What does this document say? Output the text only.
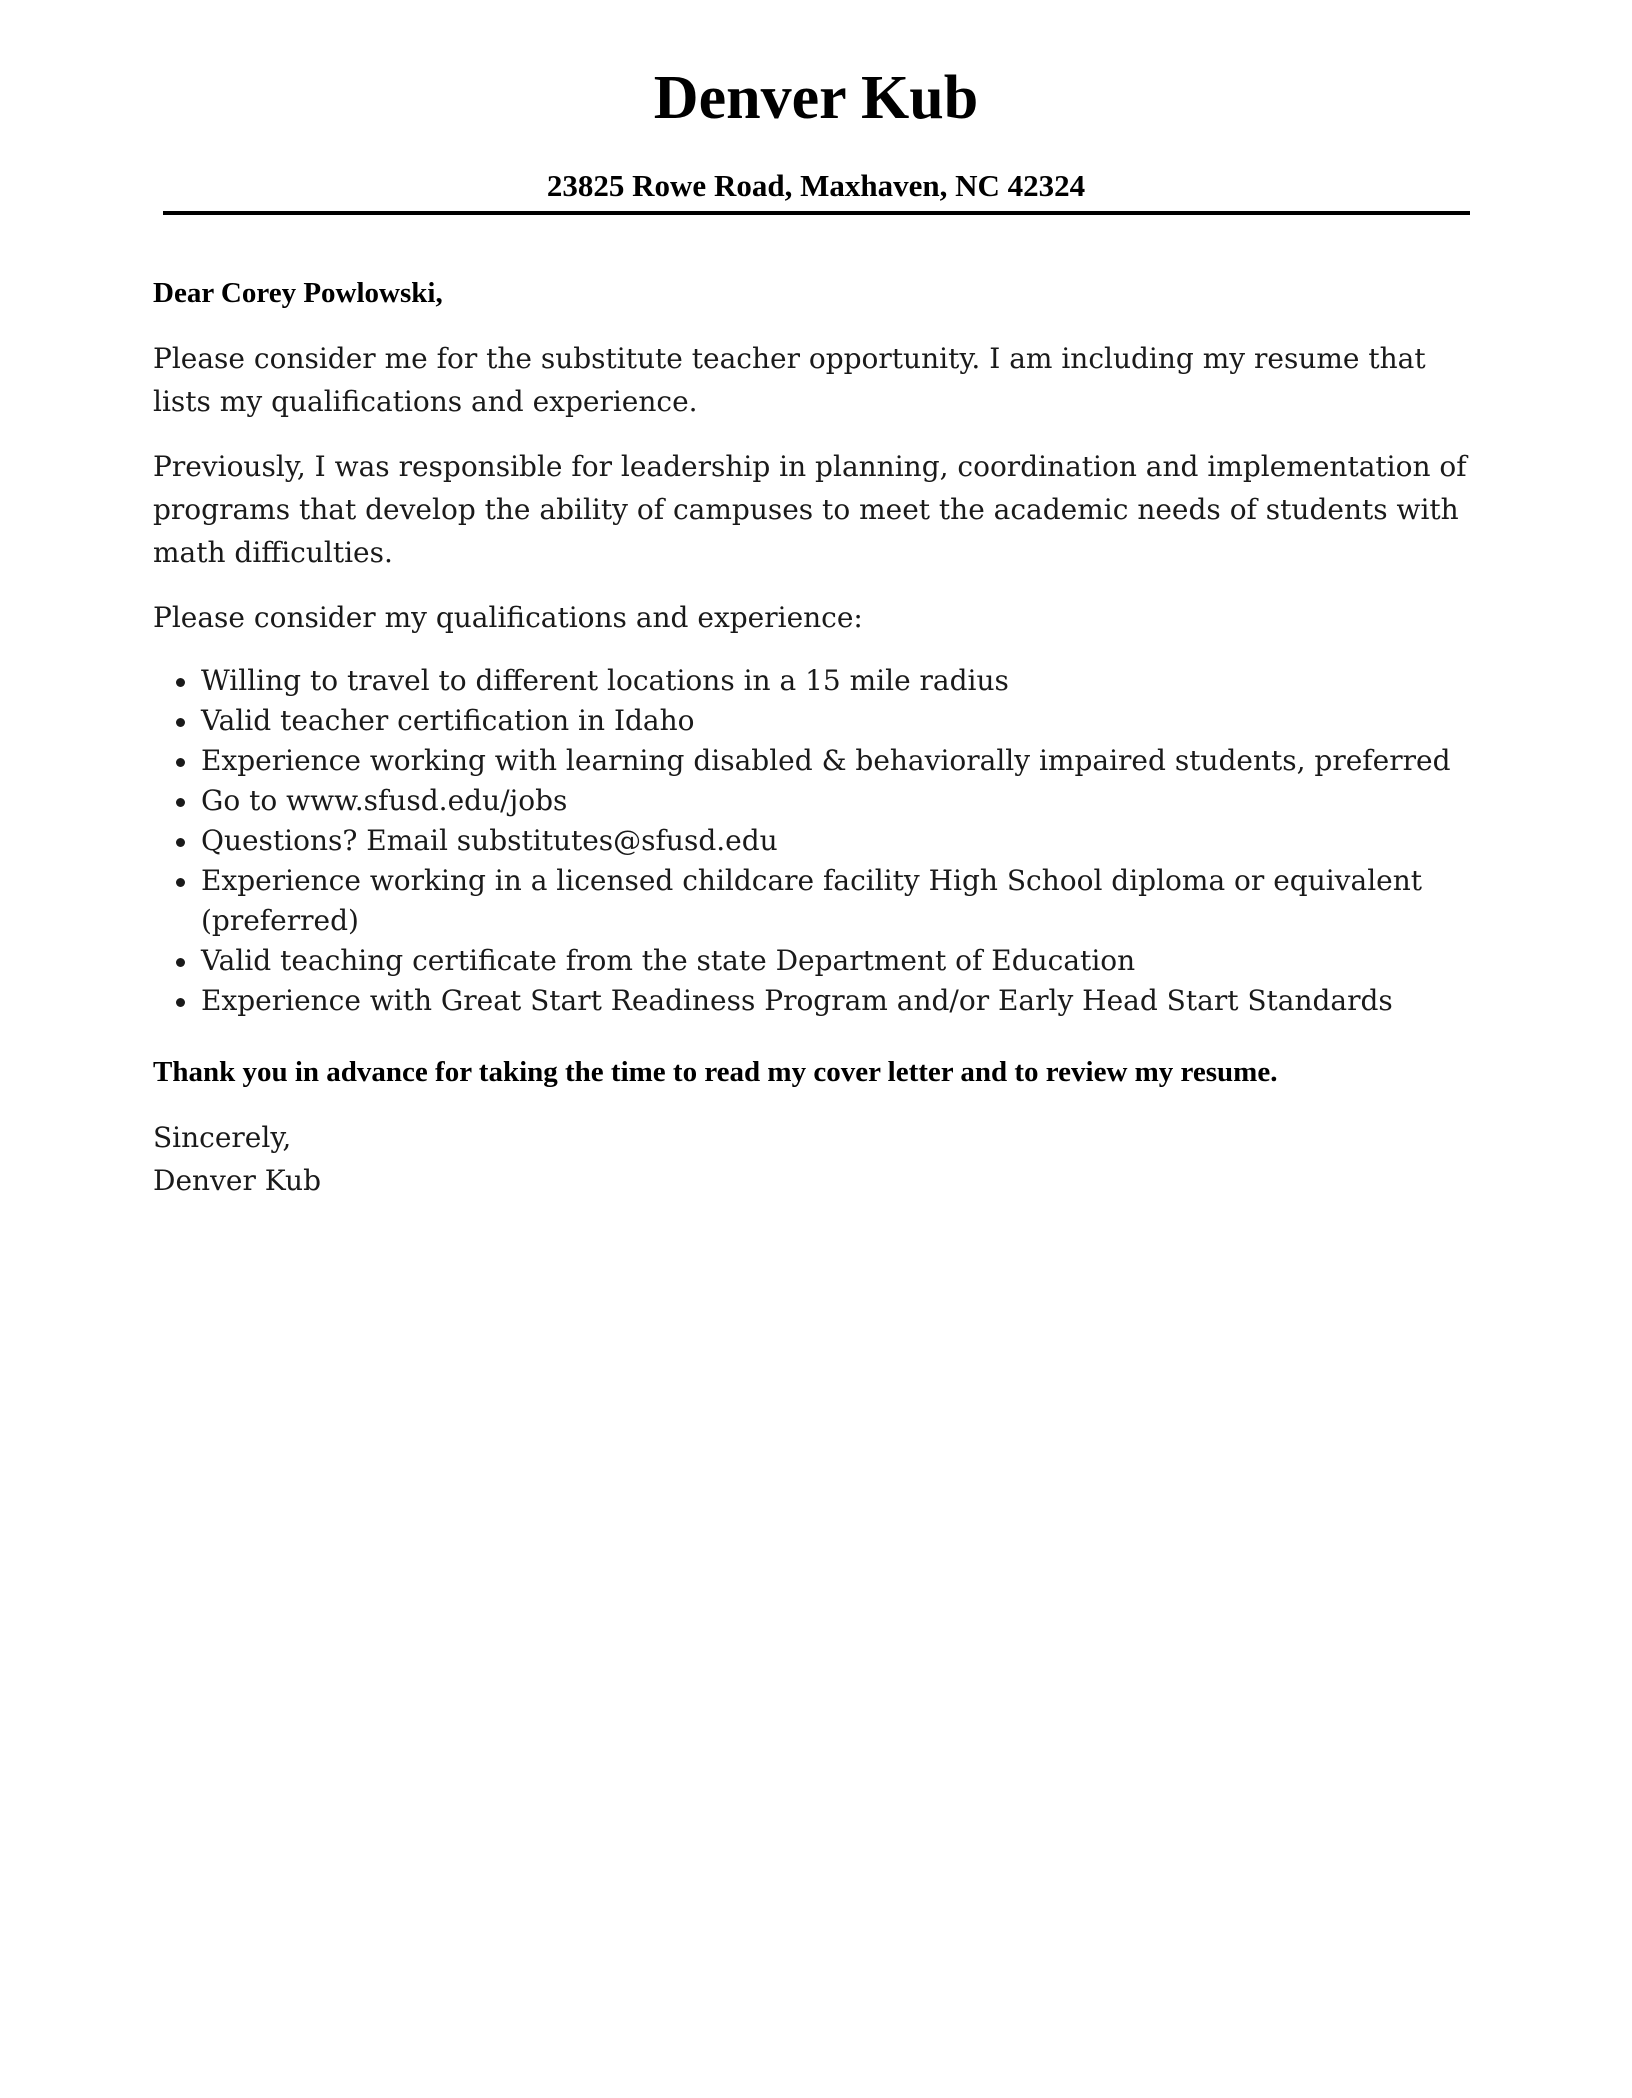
Denver Kub
23825 Rowe Road, Maxhaven, NC 42324

Dear Corey Powlowski,

Please consider me for the substitute teacher opportunity. I am including my resume that lists my qualifications and experience.

Previously, I was responsible for leadership in planning, coordination and implementation of programs that develop the ability of campuses to meet the academic needs of students with math difficulties.

Please consider my qualifications and experience:

Willing to travel to different locations in a 15 mile radius
Valid teacher certification in Idaho
Experience working with learning disabled & behaviorally impaired students, preferred
Go to www.sfusd.edu/jobs
Questions? Email substitutes@sfusd.edu
Experience working in a licensed childcare facility High School diploma or equivalent (preferred)
Valid teaching certificate from the state Department of Education
Experience with Great Start Readiness Program and/or Early Head Start Standards

Thank you in advance for taking the time to read my cover letter and to review my resume.

Sincerely,

Denver Kub
